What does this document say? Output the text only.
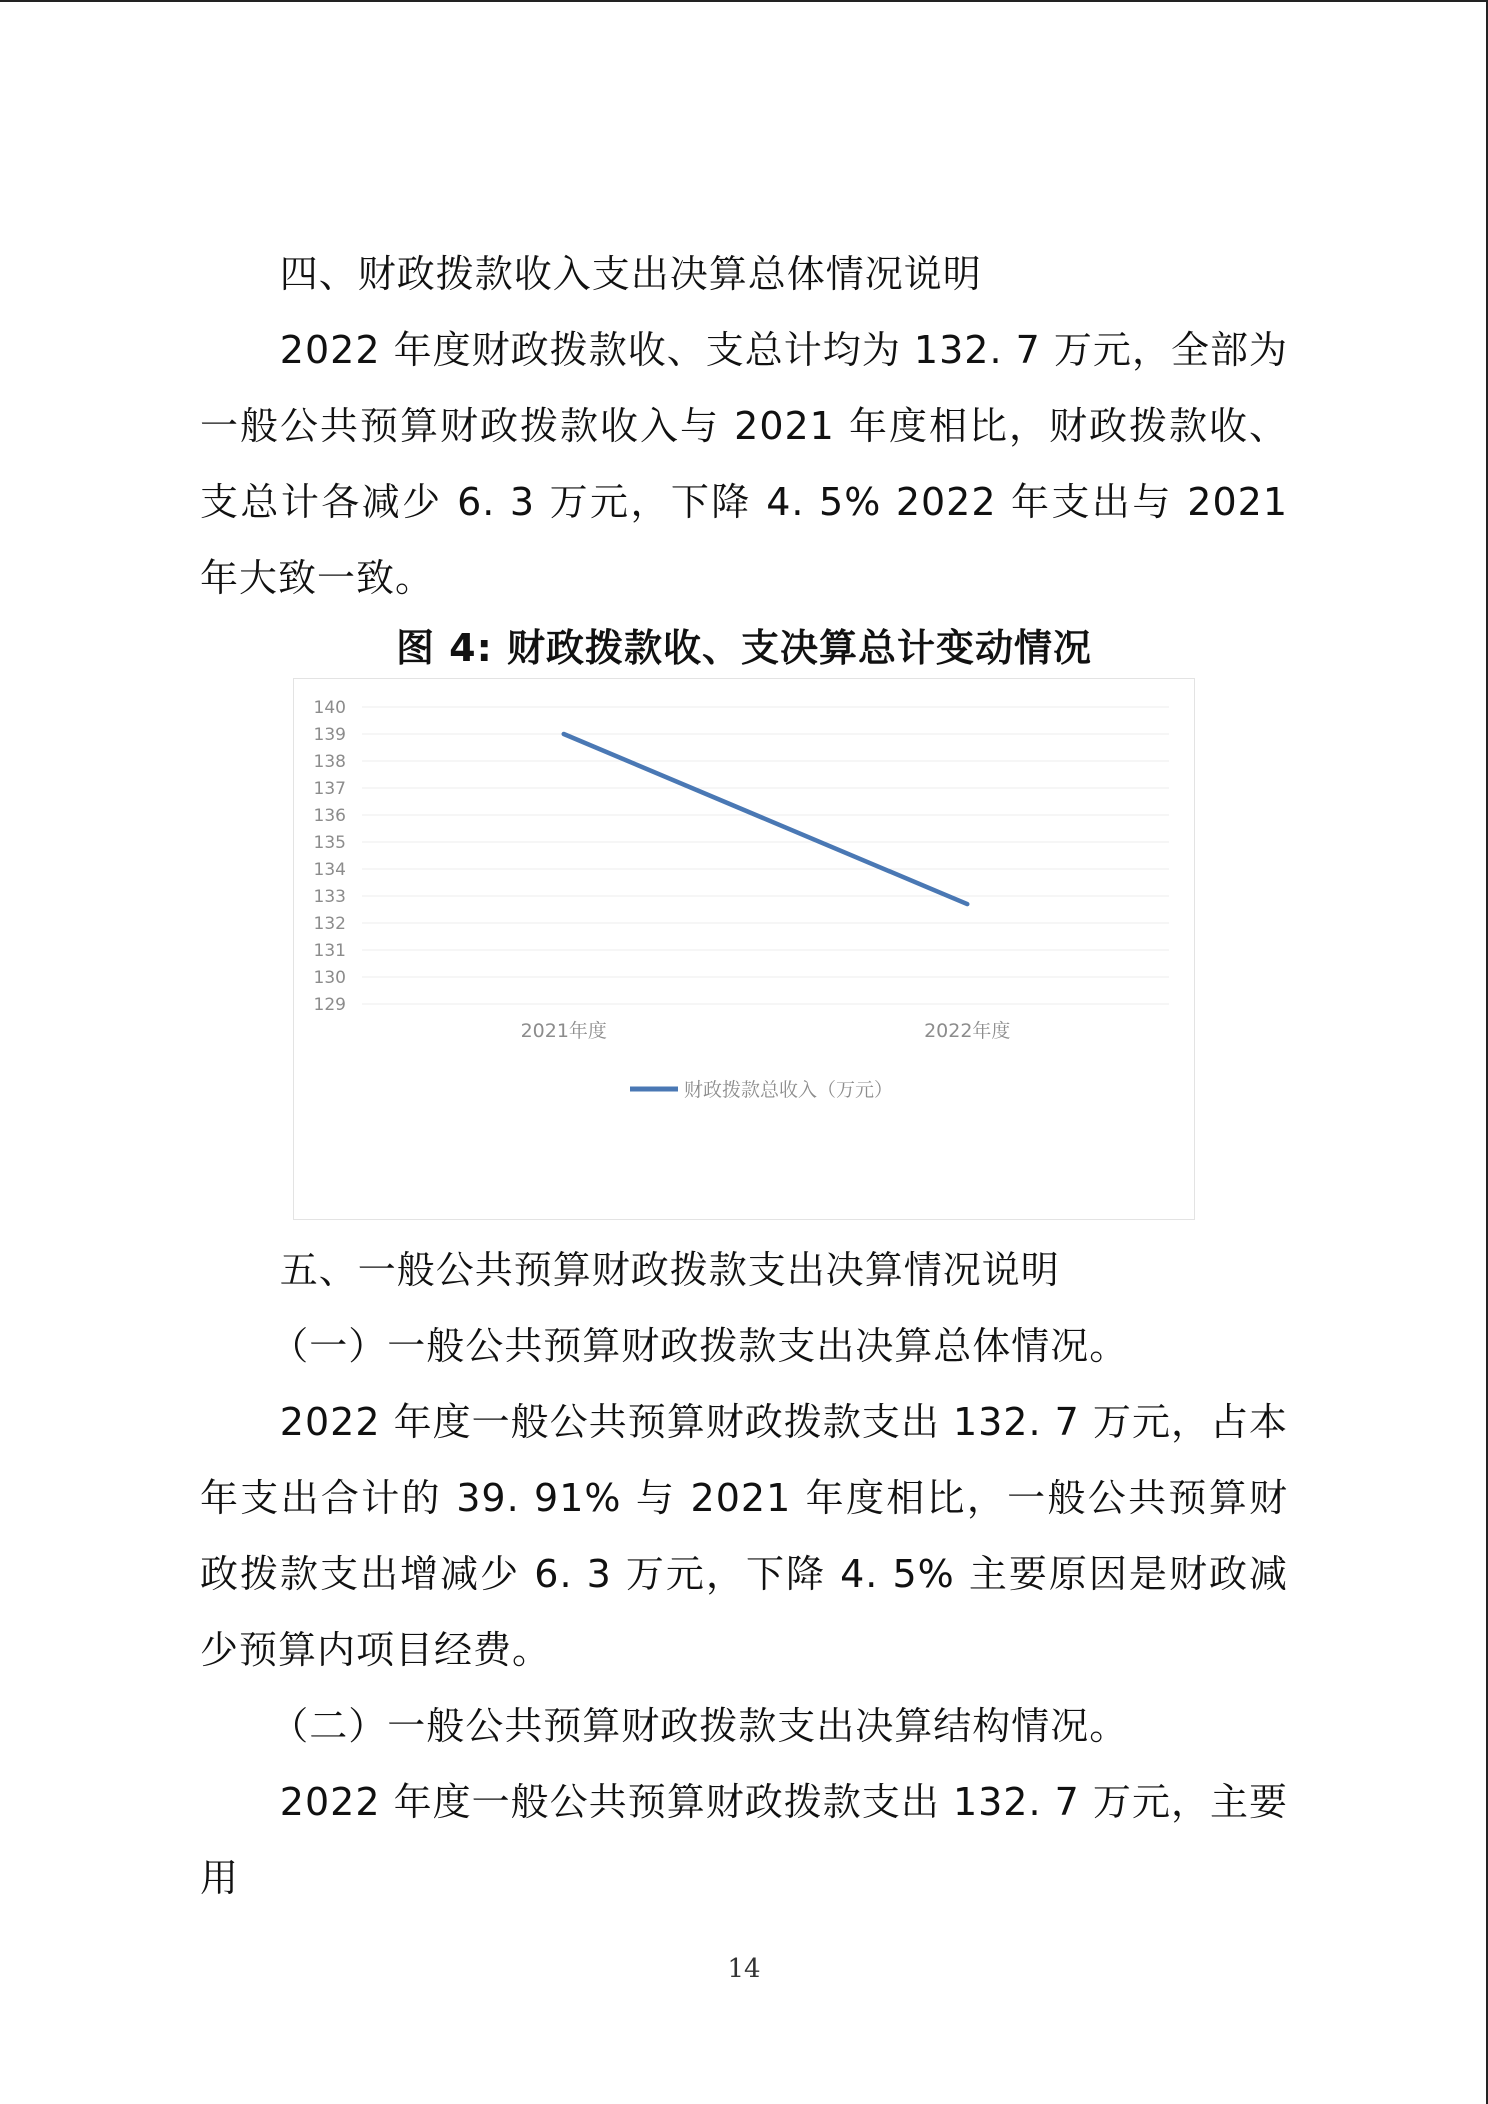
四、财政拨款收入支出决算总体情况说明

2022 年度财政拨款收、支总计均为 132. 7 万元，全部为一般公共预算财政拨款收入与 2021 年度相比，财政拨款收、支总计各减少 6. 3 万元，下降 4. 5% 2022 年支出与 2021 年大致一致。

图 4: 财政拨款收、支决算总计变动情况
140
139
138
137
136
135
134
133
132
131
130
129
2021年度	2022年度
财政拨款总收入（万元）

五、一般公共预算财政拨款支出决算情况说明

（一）一般公共预算财政拨款支出决算总体情况。

2022 年度一般公共预算财政拨款支出 132. 7 万元，占本年支出合计的 39. 91% 与 2021 年度相比，一般公共预算财政拨款支出增减少 6. 3 万元，下降 4. 5% 主要原因是财政减少预算内项目经费。

（二）一般公共预算财政拨款支出决算结构情况。

2022 年度一般公共预算财政拨款支出 132. 7 万元，主要用

14
